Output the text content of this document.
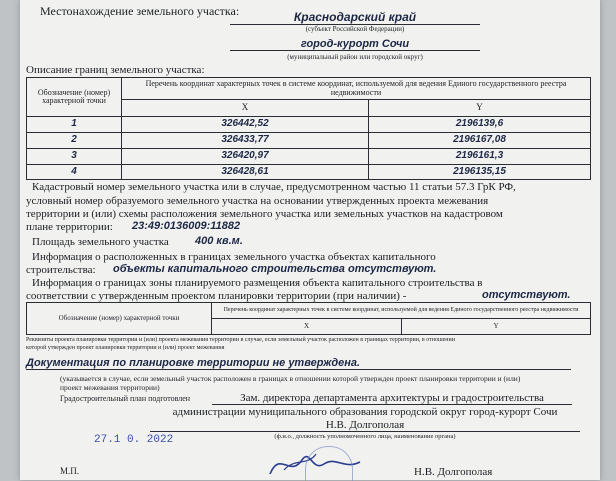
Местонахождение земельного участка:	Краснодарский край
(субъект Российской Федерации)
город-курорт Сочи
(муниципальный район или городской округ)
Описание границ земельного участка:
Обозначение (номер) характерной точки
Перечень координат характерных точек в системе координат, используемой для ведения Единого государственного реестра недвижимости
X	Y
1	326442,52	2196139,6
2	326433,77	2196167,08
3	326420,97	2196161,3
4	326428,61	2196135,15
Кадастровый номер земельного участка или в случае, предусмотренном частью 11 статьи 57.3 ГрК РФ,
условный номер образуемого земельного участка на основании утвержденных проекта межевания
территории и (или) схемы расположения земельного участка или земельных участков на кадастровом
плане территории: 23:49:0136009:11882
Площадь земельного участка 400 кв.м.
Информация о расположенных в границах земельного участка объектах капитального
строительства: объекты капитального строительства отсутствуют.
Информация о границах зоны планируемого размещения объекта капитального строительства в
соответствии с утвержденным проектом планировки территории (при наличии) -	отсутствуют.
Обозначение (номер) характерной точки
Перечень координат характерных точек в системе координат, используемой для ведения Единого государственного реестра недвижимости
X	Y
Реквизиты проекта планировки территории и (или) проекта межевания территории в случае, если земельный участок расположен в границах территории, в отношении
которой утвержден проект планировки территории и (или) проект межевания
Документация по планировке территории не утверждена.
(указывается в случае, если земельный участок расположен в границах в отношении которой утвержден проект планировки территории и (или)
проект межевания территории)
Градостроительный план подготовлен	Зам. директора департамента архитектуры и градостроительства
администрации муниципального образования городской округ город-курорт Сочи
Н.В. Долгополая
(ф.и.о., должность уполномоченного лица, наименование органа)
27.1 0. 2022
М.П.	Н.В. Долгополая
